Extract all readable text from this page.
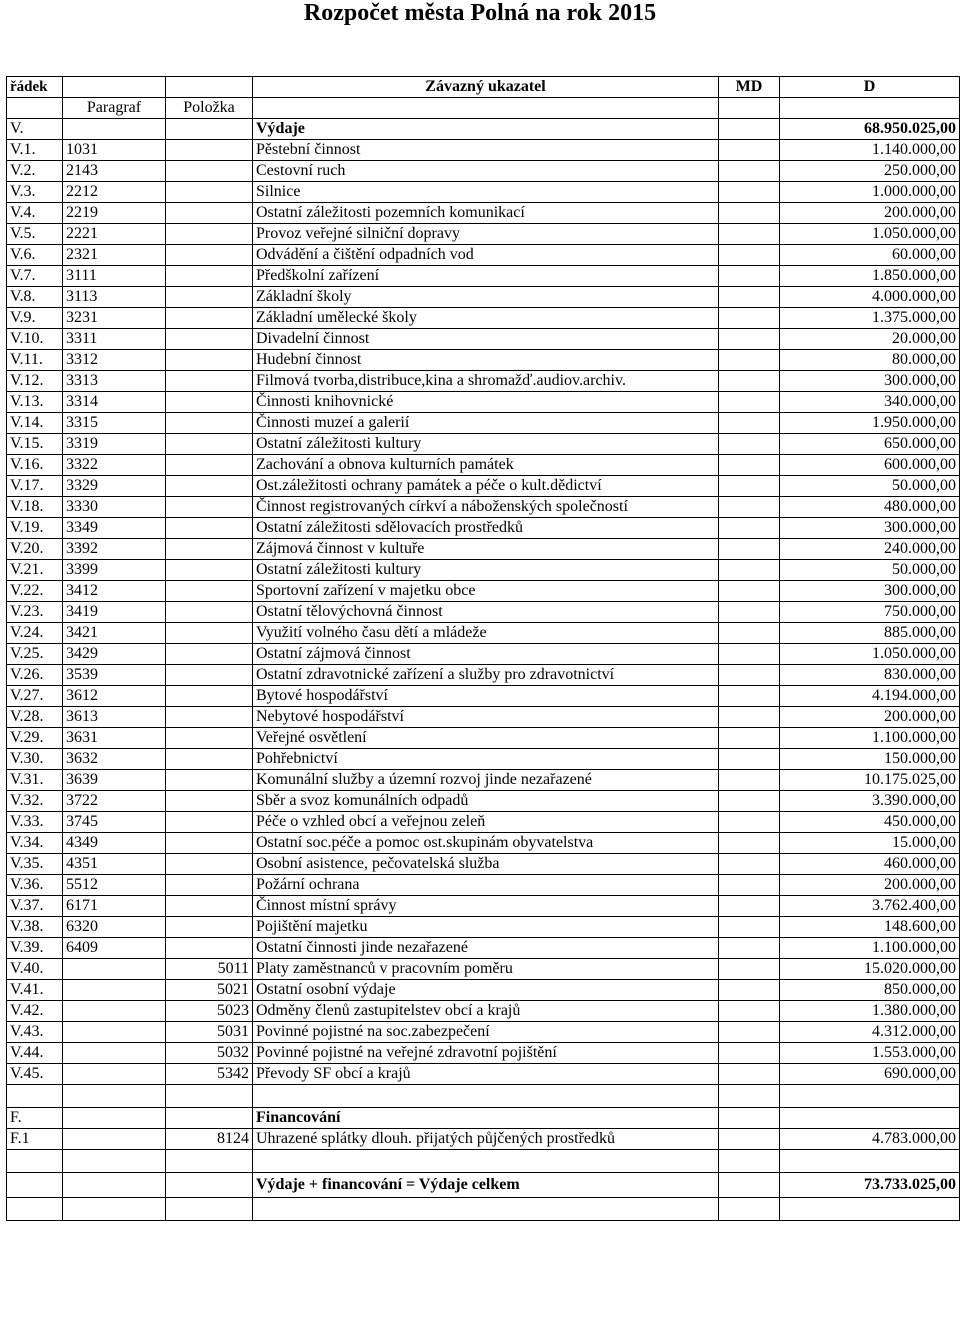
Rozpočet města Polná na rok 2015
řádek			Závazný ukazatel	MD	D
	Paragraf	Položka			
V.			Výdaje		68.950.025,00
V.1.	1031		Pěstební činnost		1.140.000,00
V.2.	2143		Cestovní ruch		250.000,00
V.3.	2212		Silnice		1.000.000,00
V.4.	2219		Ostatní záležitosti pozemních komunikací		200.000,00
V.5.	2221		Provoz veřejné silniční dopravy		1.050.000,00
V.6.	2321		Odvádění a čištění odpadních vod		60.000,00
V.7.	3111		Předškolní zařízení		1.850.000,00
V.8.	3113		Základní školy		4.000.000,00
V.9.	3231		Základní umělecké školy		1.375.000,00
V.10.	3311		Divadelní činnost		20.000,00
V.11.	3312		Hudební činnost		80.000,00
V.12.	3313		Filmová tvorba,distribuce,kina a shromažď.audiov.archiv.		300.000,00
V.13.	3314		Činnosti knihovnické		340.000,00
V.14.	3315		Činnosti muzeí a galerií		1.950.000,00
V.15.	3319		Ostatní záležitosti kultury		650.000,00
V.16.	3322		Zachování a obnova kulturních památek		600.000,00
V.17.	3329		Ost.záležitosti ochrany památek a péče o kult.dědictví		50.000,00
V.18.	3330		Činnost registrovaných církví a náboženských společností		480.000,00
V.19.	3349		Ostatní záležitosti sdělovacích prostředků		300.000,00
V.20.	3392		Zájmová činnost v kultuře		240.000,00
V.21.	3399		Ostatní záležitosti kultury		50.000,00
V.22.	3412		Sportovní zařízení v majetku obce		300.000,00
V.23.	3419		Ostatní tělovýchovná činnost		750.000,00
V.24.	3421		Využití volného času dětí a mládeže		885.000,00
V.25.	3429		Ostatní zájmová činnost		1.050.000,00
V.26.	3539		Ostatní zdravotnické zařízení a služby pro zdravotnictví		830.000,00
V.27.	3612		Bytové hospodářství		4.194.000,00
V.28.	3613		Nebytové hospodářství		200.000,00
V.29.	3631		Veřejné osvětlení		1.100.000,00
V.30.	3632		Pohřebnictví		150.000,00
V.31.	3639		Komunální služby a územní rozvoj jinde nezařazené		10.175.025,00
V.32.	3722		Sběr a svoz komunálních odpadů		3.390.000,00
V.33.	3745		Péče o vzhled obcí a veřejnou zeleň		450.000,00
V.34.	4349		Ostatní soc.péče a pomoc ost.skupinám obyvatelstva		15.000,00
V.35.	4351		Osobní asistence, pečovatelská služba		460.000,00
V.36.	5512		Požární ochrana		200.000,00
V.37.	6171		Činnost místní správy		3.762.400,00
V.38.	6320		Pojištění majetku		148.600,00
V.39.	6409		Ostatní činnosti jinde nezařazené		1.100.000,00
V.40.		5011	Platy zaměstnanců v pracovním poměru		15.020.000,00
V.41.		5021	Ostatní osobní výdaje		850.000,00
V.42.		5023	Odměny členů zastupitelstev obcí a krajů		1.380.000,00
V.43.		5031	Povinné pojistné na soc.zabezpečení		4.312.000,00
V.44.		5032	Povinné pojistné na veřejné zdravotní pojištění		1.553.000,00
V.45.		5342	Převody SF obcí a krajů		690.000,00

F.			Financování		
F.1		8124	Uhrazené splátky dlouh. přijatých půjčených prostředků		4.783.000,00

			Výdaje + financování = Výdaje celkem		73.733.025,00
